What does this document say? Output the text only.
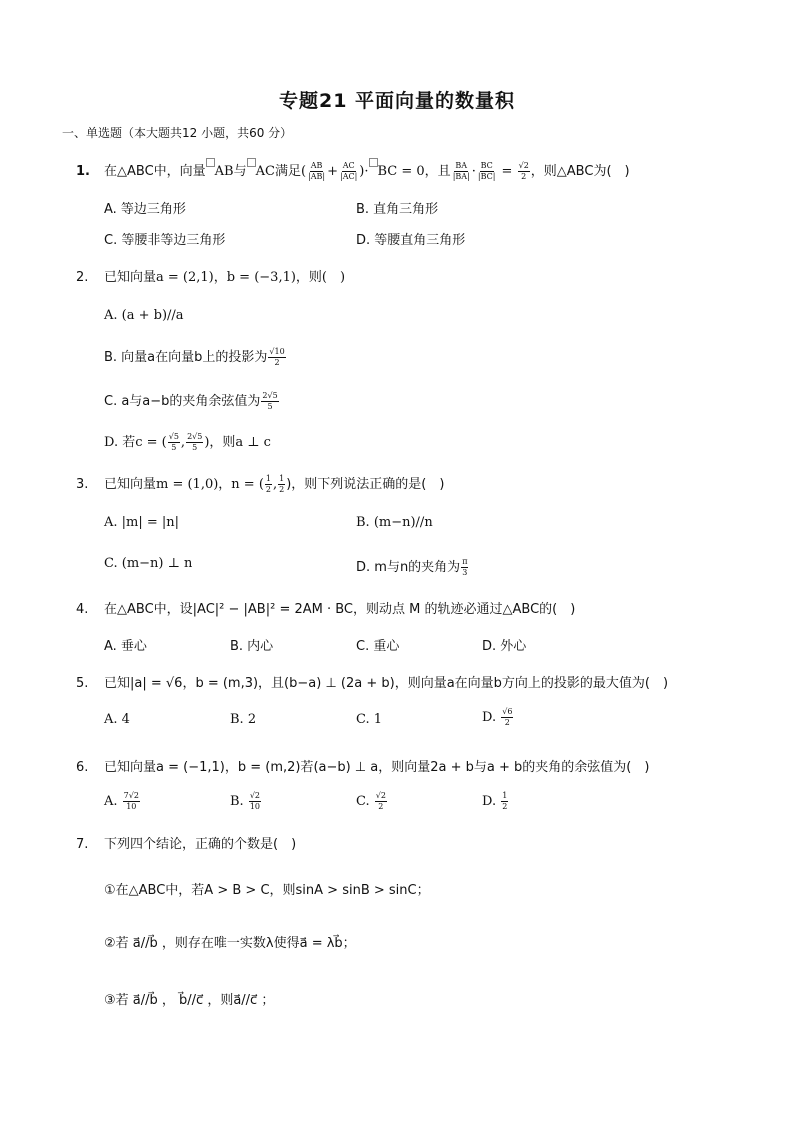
专题21 平面向量的数量积
一、单选题（本大题共12 小题，共60 分）
1. 在△ABC中，向量 AB与 AC满足( $\frac{AB}{|AB|} + \frac{AC}{|AC|}$ )· BC = 0，且 $\frac{BA}{|BA|} \cdot \frac{BC}{|BC|} = \frac{√2}{2}$ ，则△ABC为(　)
A. 等边三角形	B. 直角三角形
C. 等腰非等边三角形	D. 等腰直角三角形
2. 已知向量a = (2,1)，b = (−3,1)，则(　)
A. (a + b)//a
B. 向量a在向量b上的投影为 $\frac{√10}{2}$
C. a与a−b的夹角余弦值为 $\frac{2√5}{5}$
D. 若c = ( $\frac{√5}{5}$ , $\frac{2√5}{5}$ )，则a ⊥ c
3. 已知向量m = (1,0)，n = ( $\frac{1}{2}$ , $\frac{1}{2}$ )，则下列说法正确的是(　)
A. |m| = |n|	B. (m−n)//n
C. (m−n) ⊥ n	D. m与n的夹角为 $\frac{\pi}{3}$
4. 在△ABC中，设|AC|² − |AB|² = 2AM · BC，则动点 M 的轨迹必通过△ABC的(　)
A. 垂心	B. 内心	C. 重心	D. 外心
5. 已知|a| = √6，b = (m,3)，且(b−a) ⊥ (2a + b)，则向量a在向量b方向上的投影的最大值为(　)
A. 4	B. 2	C. 1	D. $\frac{√6}{2}$
6. 已知向量a = (−1,1)，b = (m,2)若(a−b) ⊥ a，则向量2a + b与a + b的夹角的余弦值为(　)
A. $\frac{7√2}{10}$	B. $\frac{√2}{10}$	C. $\frac{√2}{2}$	D. $\frac{1}{2}$
7. 下列四个结论，正确的个数是(　)
①在△ABC中，若A > B > C，则sinA > sinB > sinC；
②若 a⃗//b⃗ ，则存在唯一实数λ使得a⃗ = λb⃗；
③若 a⃗//b⃗ ， b⃗//c⃗ ，则a⃗//c⃗ ；
